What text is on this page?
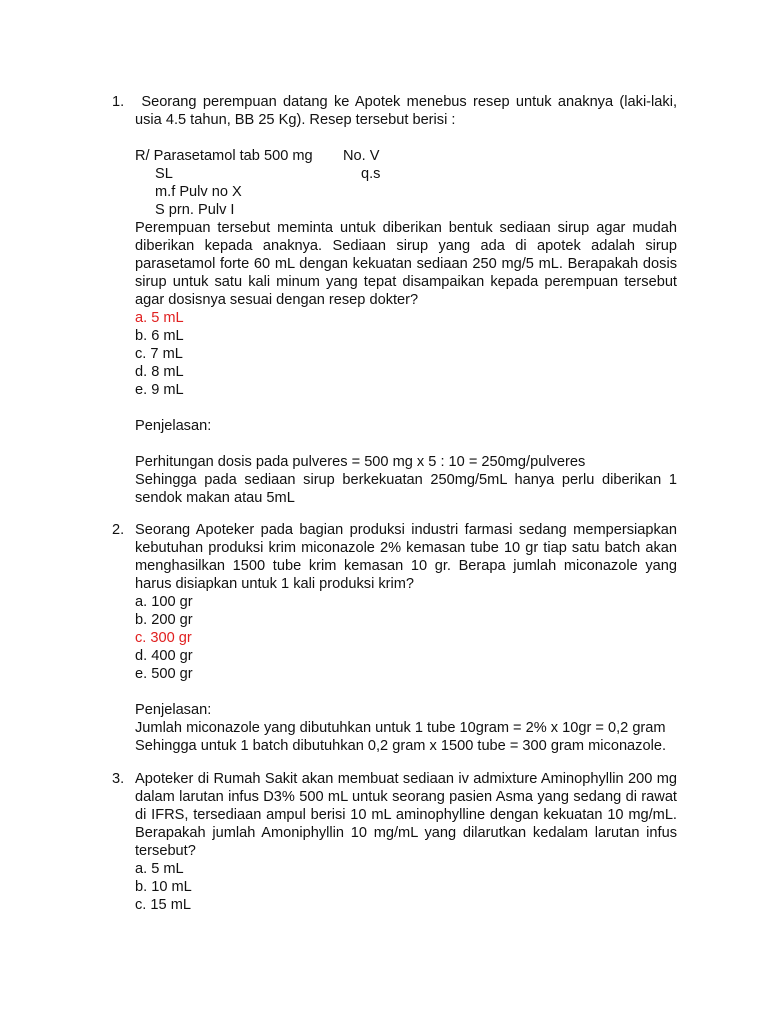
1. Seorang perempuan datang ke Apotek menebus resep untuk anaknya (laki-laki, usia 4.5 tahun, BB 25 Kg). Resep tersebut berisi :

R/ Parasetamol tab 500 mg No. V
SL	q.s
m.f Pulv no X
S prn. Pulv I

Perempuan tersebut meminta untuk diberikan bentuk sediaan sirup agar mudah diberikan kepada anaknya. Sediaan sirup yang ada di apotek adalah sirup parasetamol forte 60 mL dengan kekuatan sediaan 250 mg/5 mL. Berapakah dosis sirup untuk satu kali minum yang tepat disampaikan kepada perempuan tersebut agar dosisnya sesuai dengan resep dokter?

a. 5 mL

b. 6 mL

c. 7 mL

d. 8 mL

e. 9 mL

Penjelasan:

Perhitungan dosis pada pulveres = 500 mg x 5 : 10 = 250mg/pulveres

Sehingga pada sediaan sirup berkekuatan 250mg/5mL hanya perlu diberikan 1 sendok makan atau 5mL

2. Seorang Apoteker pada bagian produksi industri farmasi sedang mempersiapkan kebutuhan produksi krim miconazole 2% kemasan tube 10 gr tiap satu batch akan menghasilkan 1500 tube krim kemasan 10 gr. Berapa jumlah miconazole yang harus disiapkan untuk 1 kali produksi krim?

a. 100 gr

b. 200 gr

c. 300 gr

d. 400 gr

e. 500 gr

Penjelasan:

Jumlah miconazole yang dibutuhkan untuk 1 tube 10gram = 2% x 10gr = 0,2 gram

Sehingga untuk 1 batch dibutuhkan 0,2 gram x 1500 tube = 300 gram miconazole.

3. Apoteker di Rumah Sakit akan membuat sediaan iv admixture Aminophyllin 200 mg dalam larutan infus D3% 500 mL untuk seorang pasien Asma yang sedang di rawat di IFRS, tersediaan ampul berisi 10 mL aminophylline dengan kekuatan 10 mg/mL. Berapakah jumlah Amoniphyllin 10 mg/mL yang dilarutkan kedalam larutan infus tersebut?

a. 5 mL

b. 10 mL

c. 15 mL
